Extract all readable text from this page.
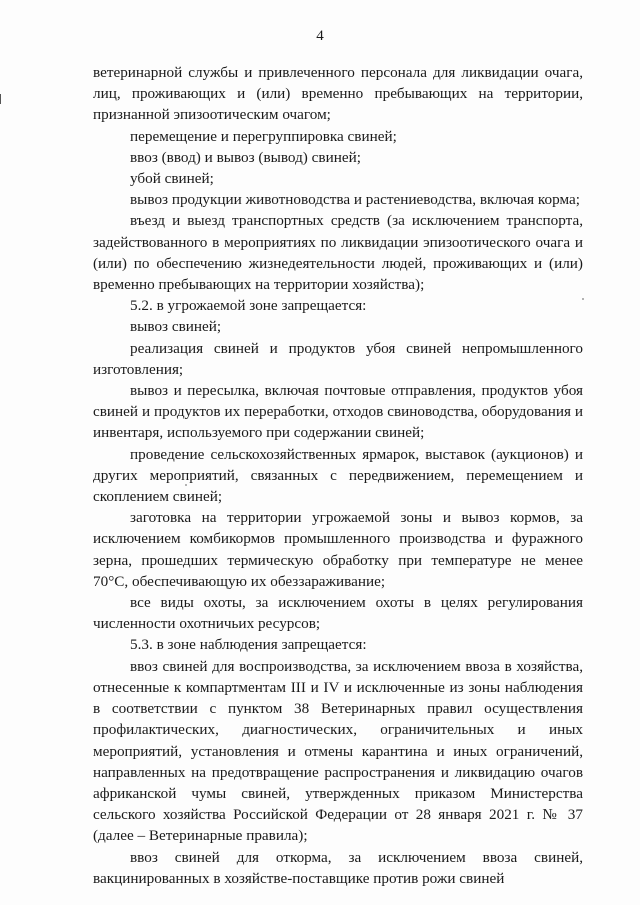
4

ветеринарной службы и привлеченного персонала для ликвидации очага, лиц, проживающих и (или) временно пребывающих на территории, признанной эпизоотическим очагом;

перемещение и перегруппировка свиней;

ввоз (ввод) и вывоз (вывод) свиней;

убой свиней;

вывоз продукции животноводства и растениеводства, включая корма;

въезд и выезд транспортных средств (за исключением транспорта, задействованного в мероприятиях по ликвидации эпизоотического очага и (или) по обеспечению жизнедеятельности людей, проживающих и (или) временно пребывающих на территории хозяйства);

5.2. в угрожаемой зоне запрещается:

вывоз свиней;

реализация свиней и продуктов убоя свиней непромышленного изготовления;

вывоз и пересылка, включая почтовые отправления, продуктов убоя свиней и продуктов их переработки, отходов свиноводства, оборудования и инвентаря, используемого при содержании свиней;

проведение сельскохозяйственных ярмарок, выставок (аукционов) и других мероприятий, связанных с передвижением, перемещением и скоплением свиней;

заготовка на территории угрожаемой зоны и вывоз кормов, за исключением комбикормов промышленного производства и фуражного зерна, прошедших термическую обработку при температуре не менее 70°C, обеспечивающую их обеззараживание;

все виды охоты, за исключением охоты в целях регулирования численности охотничьих ресурсов;

5.3. в зоне наблюдения запрещается:

ввоз свиней для воспроизводства, за исключением ввоза в хозяйства, отнесенные к компартментам III и IV и исключенные из зоны наблюдения в соответствии с пунктом 38 Ветеринарных правил осуществления профилактических, диагностических, ограничительных и иных мероприятий, установления и отмены карантина и иных ограничений, направленных на предотвращение распространения и ликвидацию очагов африканской чумы свиней, утвержденных приказом Министерства сельского хозяйства Российской Федерации от 28 января 2021 г. № 37 (далее – Ветеринарные правила);

ввоз свиней для откорма, за исключением ввоза свиней, вакцинированных в хозяйстве-поставщике против рожи свиней
